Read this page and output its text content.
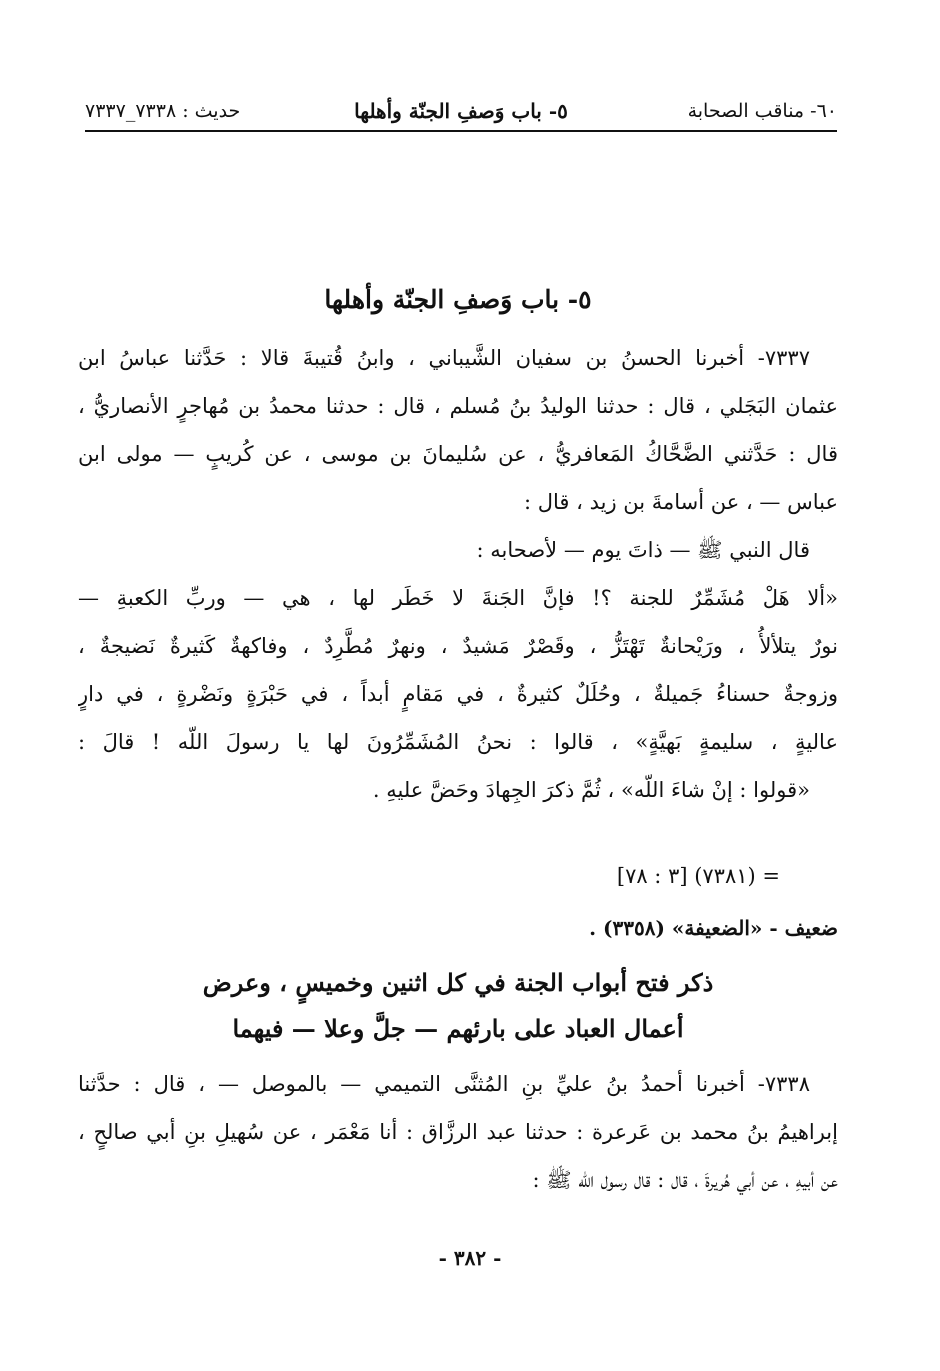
٦٠- مناقب الصحابة
٥- باب وَصفِ الجنّة وأهلها
حديث : ٧٣٣٨_٧٣٣٧
٥- باب وَصفِ الجنّة وأهلها
٧٣٣٧- أخبرنا الحسنُ بن سفيان الشَّيباني ، وابنُ قُتيبةَ قالا : حَدَّثنا عباسُ ابن
عثمان البَجَلي ، قال : حدثنا الوليدُ بنُ مُسلم ، قال : حدثنا محمدُ بن مُهاجرٍ الأنصاريُّ ،
قال : حَدَّثني الضَّحَّاكُ المَعافريُّ ، عن سُليمانَ بن موسى ، عن كُريبٍ — مولى ابن
عباس — ، عن أسامةَ بن زيد ، قال :
قال النبي ﷺ — ذاتَ يوم — لأصحابه :
«ألا هَلْ مُشَمِّرٌ للجنة ؟! فإنَّ الجَنةَ لا خَطَر لها ، هي — وربِّ الكعبةِ —
نورٌ يتلألأُ ، ورَيْحانةٌ تَهْتَزُّ ، وقَصْرٌ مَشيدٌ ، ونهرٌ مُطَّرِدٌ ، وفاكهةٌ كَثيرةٌ نَضيجةٌ ،
وزوجةٌ حسناءُ جَميلةٌ ، وحُلَلٌ كثيرةٌ ، في مَقامٍ أبداً ، في حَبْرَةٍ ونَضْرةٍ ، في دارٍ
عاليةٍ ، سليمةٍ بَهيَّةٍ» ، قالوا : نحنُ المُشَمِّرُونَ لها يا رسولَ اللّه ! قالَ :
«قولوا : إنْ شاءَ اللّه» ، ثُمَّ ذكرَ الجِهادَ وحَضَّ عليهِ .
= (٧٣٨١) [٣ : ٧٨]
ضعيف - «الضعيفة» (٣٣٥٨) .
ذكر فتح أبواب الجنة في كل اثنين وخميسٍ ، وعرض
أعمال العباد على بارئهم — جلَّ وعلا — فيهما
٧٣٣٨- أخبرنا أحمدُ بنُ عليِّ بنِ المُثنَّى التميمي — بالموصل — ، قال : حدَّثنا
إبراهيمُ بنُ محمد بن عَرعرة : حدثنا عبد الرزَّاق : أنا مَعْمَر ، عن سُهيلِ بنِ أبي صالحٍ ،
عن أبيهِ ، عن أبي هُريرةَ ، قال : قال رسول اللّه ﷺ :
- ٣٨٢ -
